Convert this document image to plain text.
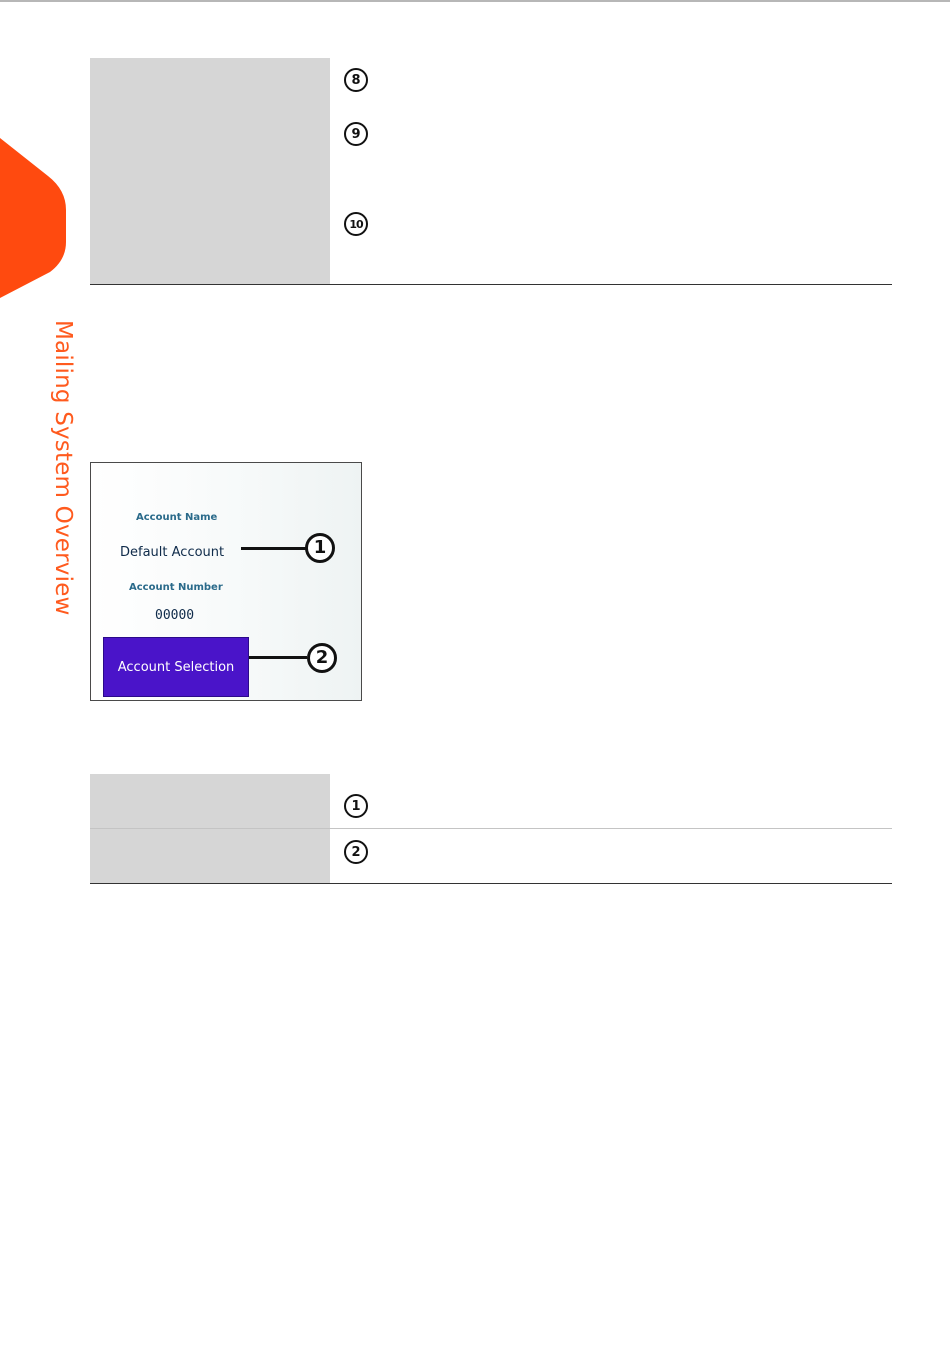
Mailing System Overview
8
9
10
Account Name
Default Account
Account Number
00000
Account Selection
1
2
1
2
